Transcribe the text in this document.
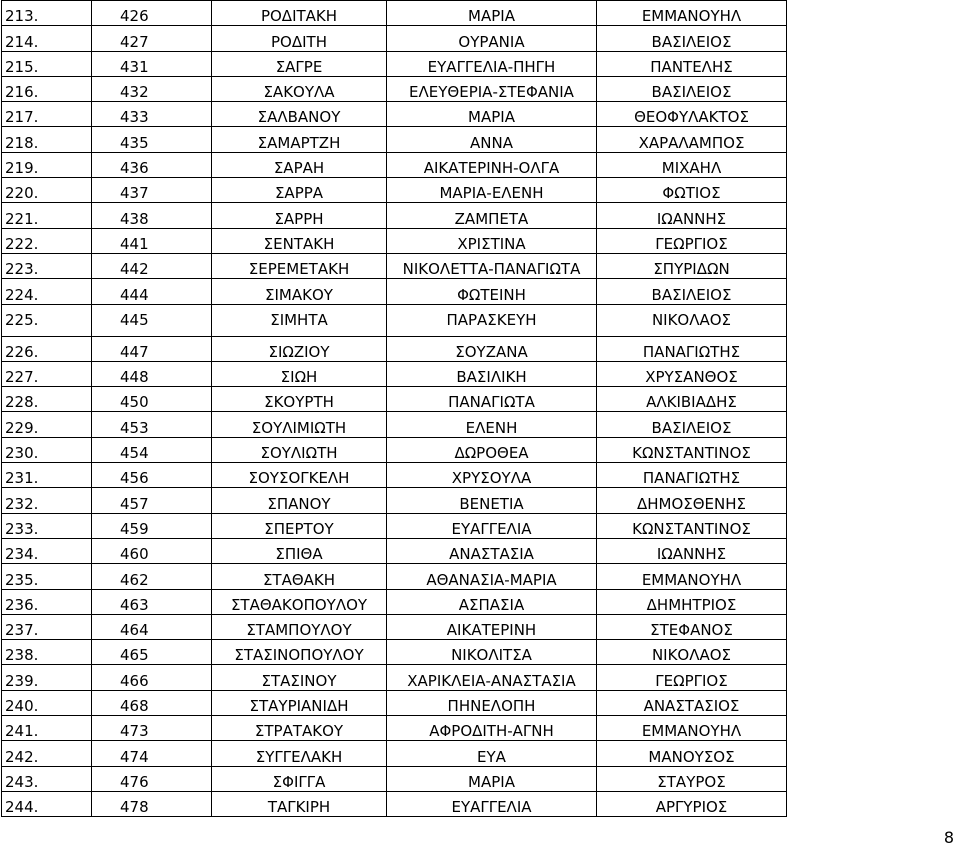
213.	426	ΡΟΔΙΤΑΚΗ	ΜΑΡΙΑ	ΕΜΜΑΝΟΥΗΛ
214.	427	ΡΟΔΙΤΗ	ΟΥΡΑΝΙΑ	ΒΑΣΙΛΕΙΟΣ
215.	431	ΣΑΓΡΕ	ΕΥΑΓΓΕΛΙΑ-ΠΗΓΗ	ΠΑΝΤΕΛΗΣ
216.	432	ΣΑΚΟΥΛΑ	ΕΛΕΥΘΕΡΙΑ-ΣΤΕΦΑΝΙΑ	ΒΑΣΙΛΕΙΟΣ
217.	433	ΣΑΛΒΑΝΟΥ	ΜΑΡΙΑ	ΘΕΟΦΥΛΑΚΤΟΣ
218.	435	ΣΑΜΑΡΤΖΗ	ΑΝΝΑ	ΧΑΡΑΛΑΜΠΟΣ
219.	436	ΣΑΡΑΗ	ΑΙΚΑΤΕΡΙΝΗ-ΟΛΓΑ	ΜΙΧΑΗΛ
220.	437	ΣΑΡΡΑ	ΜΑΡΙΑ-ΕΛΕΝΗ	ΦΩΤΙΟΣ
221.	438	ΣΑΡΡΗ	ΖΑΜΠΕΤΑ	ΙΩΑΝΝΗΣ
222.	441	ΣΕΝΤΑΚΗ	ΧΡΙΣΤΙΝΑ	ΓΕΩΡΓΙΟΣ
223.	442	ΣΕΡΕΜΕΤΑΚΗ	ΝΙΚΟΛΕΤΤΑ-ΠΑΝΑΓΙΩΤΑ	ΣΠΥΡΙΔΩΝ
224.	444	ΣΙΜΑΚΟΥ	ΦΩΤΕΙΝΗ	ΒΑΣΙΛΕΙΟΣ
225.	445	ΣΙΜΗΤΑ	ΠΑΡΑΣΚΕΥΗ	ΝΙΚΟΛΑΟΣ
226.	447	ΣΙΩΖΙΟΥ	ΣΟΥΖΑΝΑ	ΠΑΝΑΓΙΩΤΗΣ
227.	448	ΣΙΩΗ	ΒΑΣΙΛΙΚΗ	ΧΡΥΣΑΝΘΟΣ
228.	450	ΣΚΟΥΡΤΗ	ΠΑΝΑΓΙΩΤΑ	ΑΛΚΙΒΙΑΔΗΣ
229.	453	ΣΟΥΛΙΜΙΩΤΗ	ΕΛΕΝΗ	ΒΑΣΙΛΕΙΟΣ
230.	454	ΣΟΥΛΙΩΤΗ	ΔΩΡΟΘΕΑ	ΚΩΝΣΤΑΝΤΙΝΟΣ
231.	456	ΣΟΥΣΟΓΚΕΛΗ	ΧΡΥΣΟΥΛΑ	ΠΑΝΑΓΙΩΤΗΣ
232.	457	ΣΠΑΝΟΥ	ΒΕΝΕΤΙΑ	ΔΗΜΟΣΘΕΝΗΣ
233.	459	ΣΠΕΡΤΟΥ	ΕΥΑΓΓΕΛΙΑ	ΚΩΝΣΤΑΝΤΙΝΟΣ
234.	460	ΣΠΙΘΑ	ΑΝΑΣΤΑΣΙΑ	ΙΩΑΝΝΗΣ
235.	462	ΣΤΑΘΑΚΗ	ΑΘΑΝΑΣΙΑ-ΜΑΡΙΑ	ΕΜΜΑΝΟΥΗΛ
236.	463	ΣΤΑΘΑΚΟΠΟΥΛΟΥ	ΑΣΠΑΣΙΑ	ΔΗΜΗΤΡΙΟΣ
237.	464	ΣΤΑΜΠΟΥΛΟΥ	ΑΙΚΑΤΕΡΙΝΗ	ΣΤΕΦΑΝΟΣ
238.	465	ΣΤΑΣΙΝΟΠΟΥΛΟΥ	ΝΙΚΟΛΙΤΣΑ	ΝΙΚΟΛΑΟΣ
239.	466	ΣΤΑΣΙΝΟΥ	ΧΑΡΙΚΛΕΙΑ-ΑΝΑΣΤΑΣΙΑ	ΓΕΩΡΓΙΟΣ
240.	468	ΣΤΑΥΡΙΑΝΙΔΗ	ΠΗΝΕΛΟΠΗ	ΑΝΑΣΤΑΣΙΟΣ
241.	473	ΣΤΡΑΤΑΚΟΥ	ΑΦΡΟΔΙΤΗ-ΑΓΝΗ	ΕΜΜΑΝΟΥΗΛ
242.	474	ΣΥΓΓΕΛΑΚΗ	ΕΥΑ	ΜΑΝΟΥΣΟΣ
243.	476	ΣΦΙΓΓΑ	ΜΑΡΙΑ	ΣΤΑΥΡΟΣ
244.	478	ΤΑΓΚΙΡΗ	ΕΥΑΓΓΕΛΙΑ	ΑΡΓΥΡΙΟΣ
8
